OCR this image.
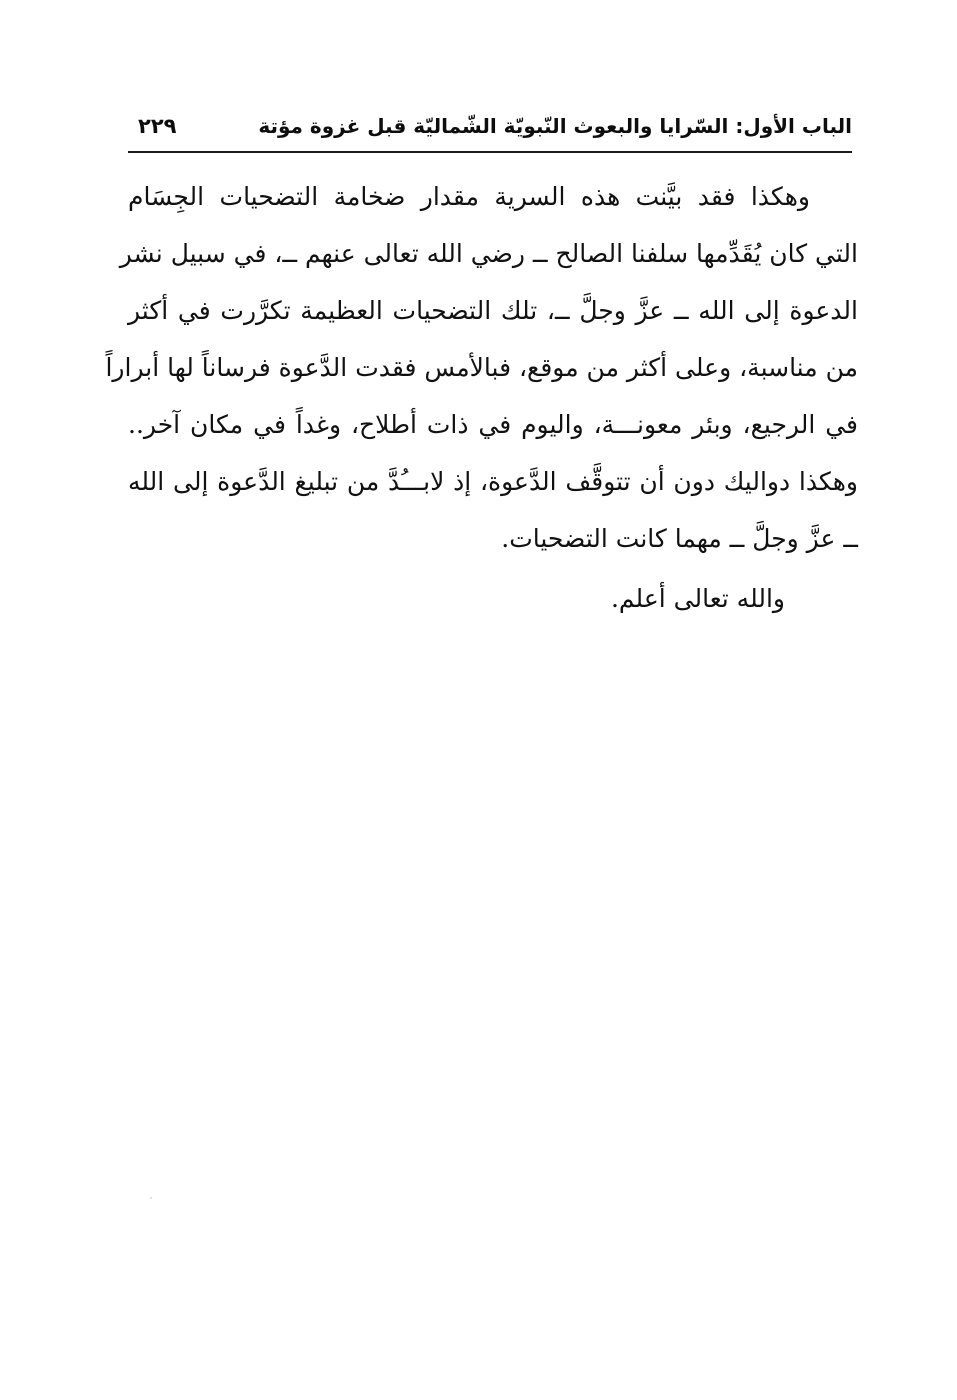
الباب الأول: السّرايا والبعوث النّبويّة الشّماليّة قبل غزوة مؤتة
٢٢٩
وهكذا فقد بيَّنت هذه السرية مقدار ضخامة التضحيات الجِسَام
التي كان يُقَدِّمها سلفنا الصالح ــ رضي الله تعالى عنهم ــ، في سبيل نشر
الدعوة إلى الله ــ عزَّ وجلَّ ــ، تلك التضحيات العظيمة تكرَّرت في أكثر
من مناسبة، وعلى أكثر من موقع، فبالأمس فقدت الدَّعوة فرساناً لها أبراراً
في الرجيع، وبئر معونـــة، واليوم في ذات أطلاح، وغداً في مكان آخر..
وهكذا دواليك دون أن تتوقَّف الدَّعوة، إذ لابـــُدَّ من تبليغ الدَّعوة إلى الله
ــ عزَّ وجلَّ ــ مهما كانت التضحيات.
والله تعالى أعلم.
